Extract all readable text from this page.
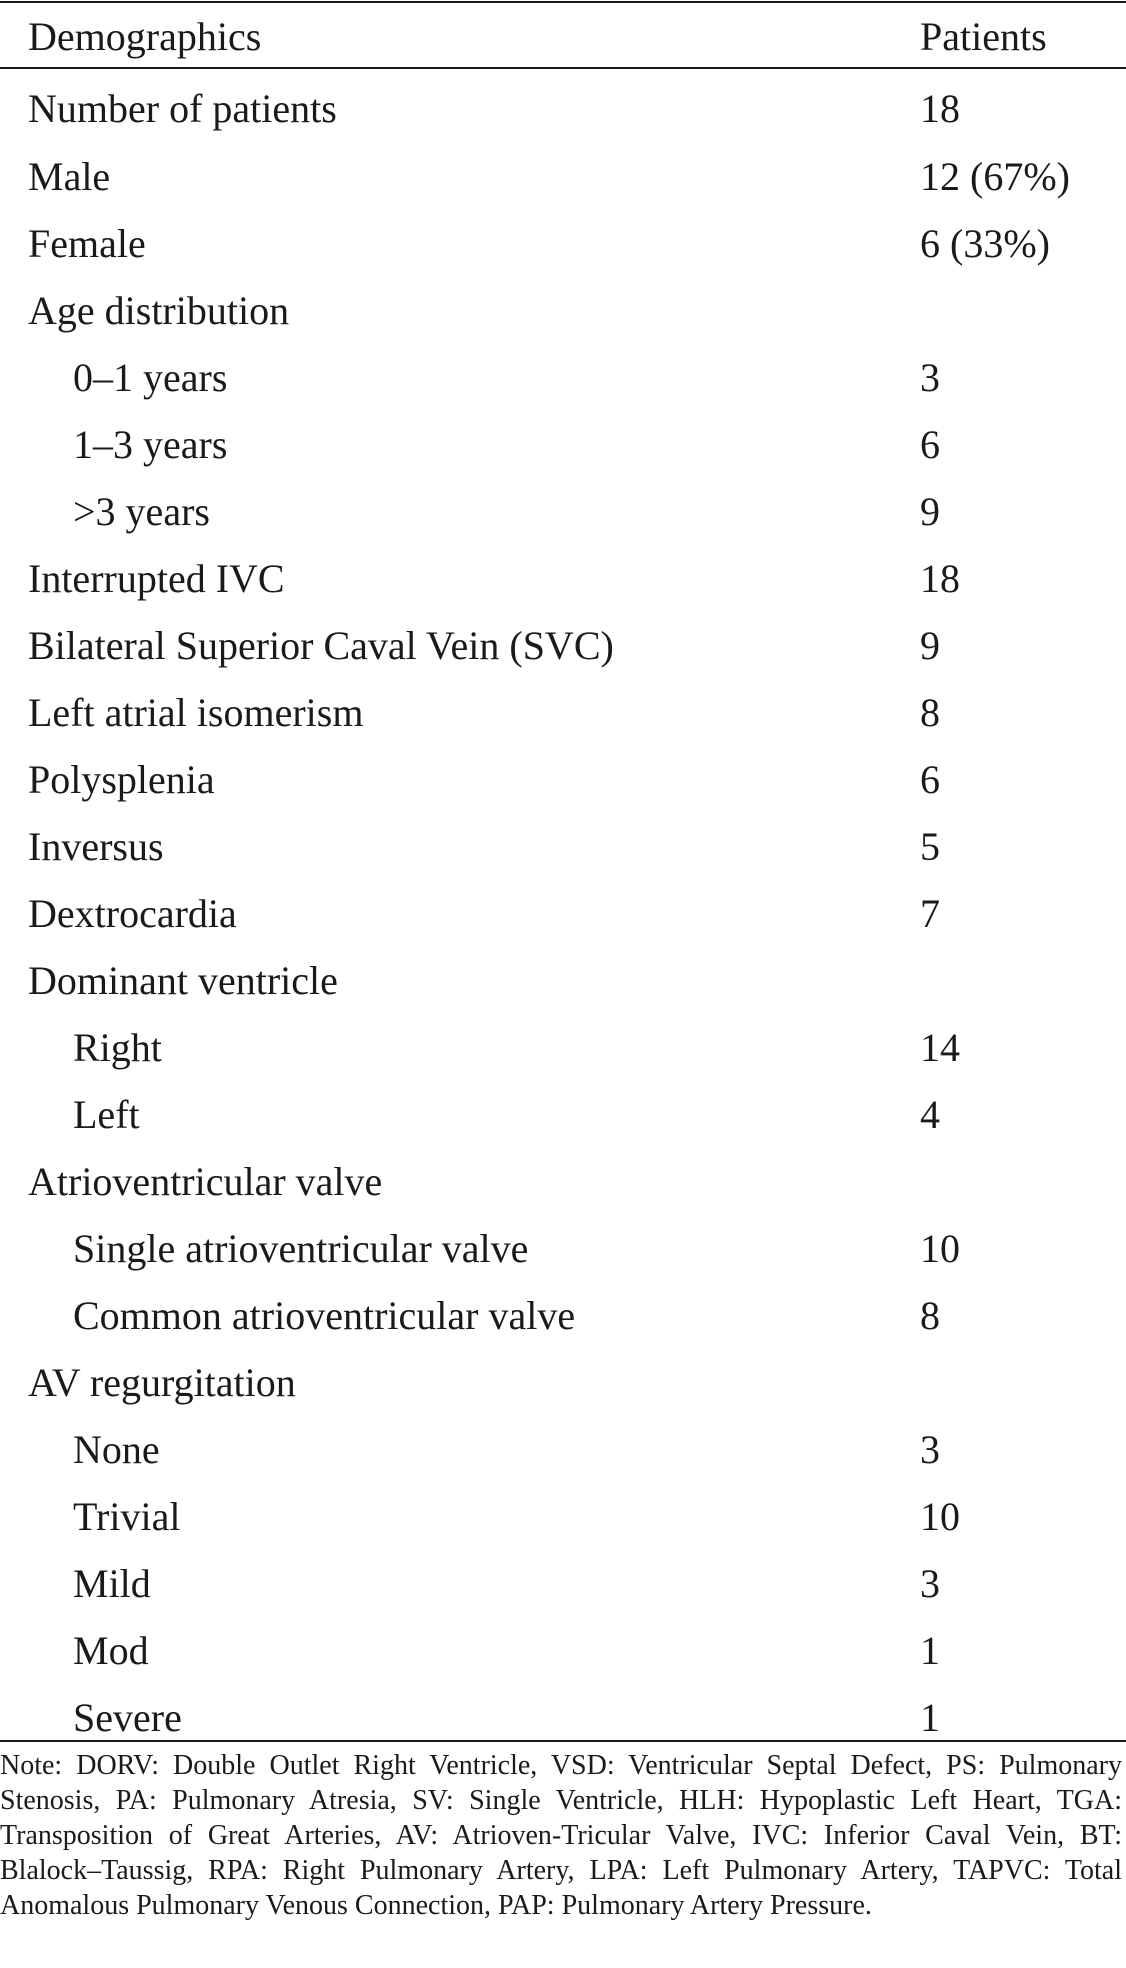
Demographics	Patients
Number of patients	18
Male	12 (67%)
Female	6 (33%)
Age distribution	
0–1 years	3
1–3 years	6
>3 years	9
Interrupted IVC	18
Bilateral Superior Caval Vein (SVC)	9
Left atrial isomerism	8
Polysplenia	6
Inversus	5
Dextrocardia	7
Dominant ventricle	
Right	14
Left	4
Atrioventricular valve	
Single atrioventricular valve	10
Common atrioventricular valve	8
AV regurgitation	
None	3
Trivial	10
Mild	3
Mod	1
Severe	1

Note: DORV: Double Outlet Right Ventricle, VSD: Ventricular Septal Defect, PS: Pulmonary Stenosis, PA: Pulmonary Atresia, SV: Single Ventricle, HLH: Hypoplastic Left Heart, TGA: Transposition of Great Arteries, AV: Atrioven-Tricular Valve, IVC: Inferior Caval Vein, BT: Blalock–Taussig, RPA: Right Pulmonary Artery, LPA: Left Pulmonary Artery, TAPVC: Total Anomalous Pulmonary Venous Connection, PAP: Pulmonary Artery Pressure.
